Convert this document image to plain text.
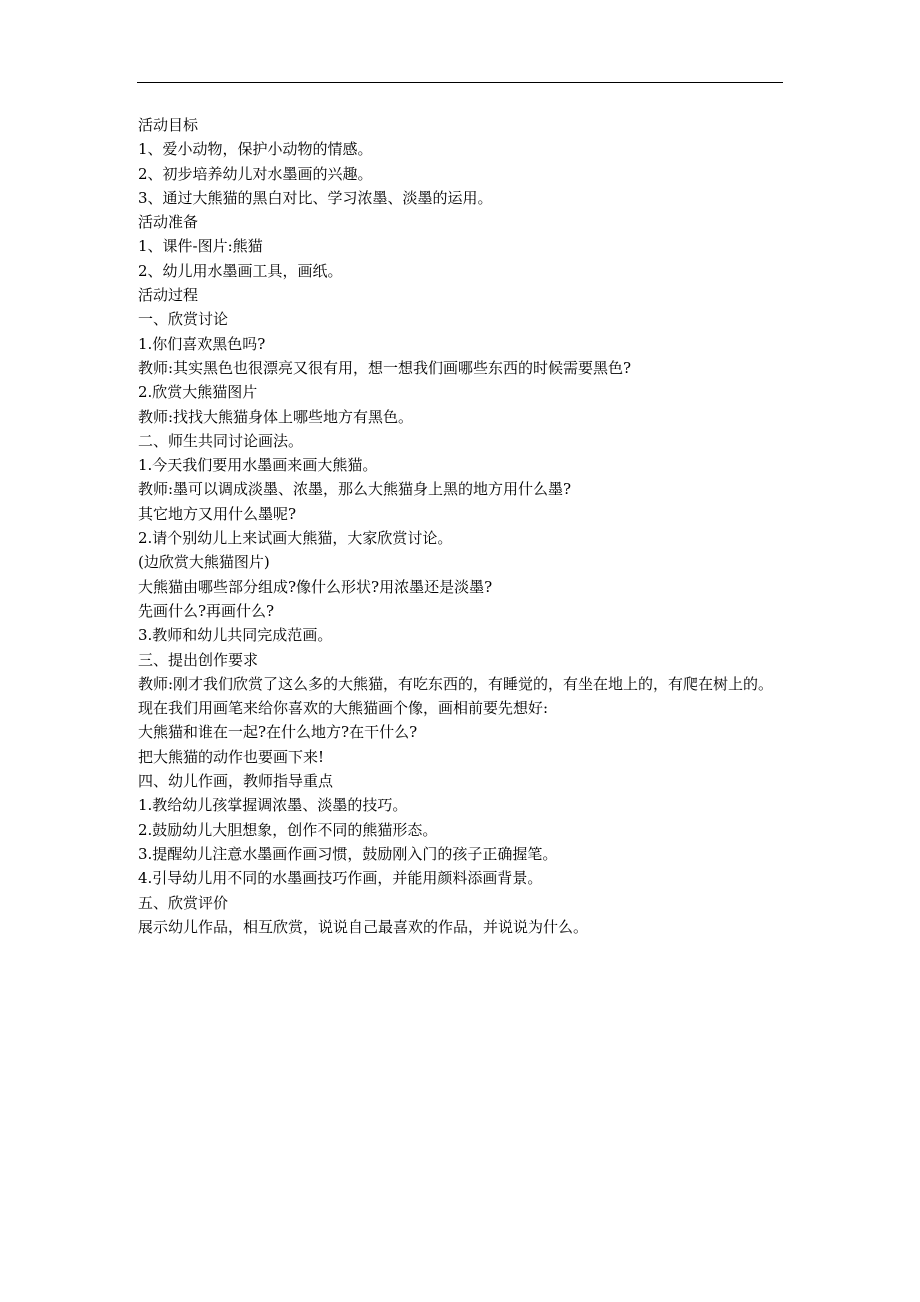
活动目标

1、爱小动物，保护小动物的情感。

2、初步培养幼儿对水墨画的兴趣。

3、通过大熊猫的黑白对比、学习浓墨、淡墨的运用。

活动准备

1、课件-图片:熊猫

2、幼儿用水墨画工具，画纸。

活动过程

一、欣赏讨论

1.你们喜欢黑色吗?

教师:其实黑色也很漂亮又很有用，想一想我们画哪些东西的时候需要黑色?

2.欣赏大熊猫图片

教师:找找大熊猫身体上哪些地方有黑色。

二、师生共同讨论画法。

1.今天我们要用水墨画来画大熊猫。

教师:墨可以调成淡墨、浓墨，那么大熊猫身上黑的地方用什么墨?

其它地方又用什么墨呢?

2.请个别幼儿上来试画大熊猫，大家欣赏讨论。

(边欣赏大熊猫图片)

大熊猫由哪些部分组成?像什么形状?用浓墨还是淡墨?

先画什么?再画什么?

3.教师和幼儿共同完成范画。

三、提出创作要求

教师:刚才我们欣赏了这么多的大熊猫，有吃东西的，有睡觉的，有坐在地上的，有爬在树上的。

现在我们用画笔来给你喜欢的大熊猫画个像，画相前要先想好:

大熊猫和谁在一起?在什么地方?在干什么?

把大熊猫的动作也要画下来!

四、幼儿作画，教师指导重点

1.教给幼儿孩掌握调浓墨、淡墨的技巧。

2.鼓励幼儿大胆想象，创作不同的熊猫形态。

3.提醒幼儿注意水墨画作画习惯，鼓励刚入门的孩子正确握笔。

4.引导幼儿用不同的水墨画技巧作画，并能用颜料添画背景。

五、欣赏评价

展示幼儿作品，相互欣赏，说说自己最喜欢的作品，并说说为什么。
